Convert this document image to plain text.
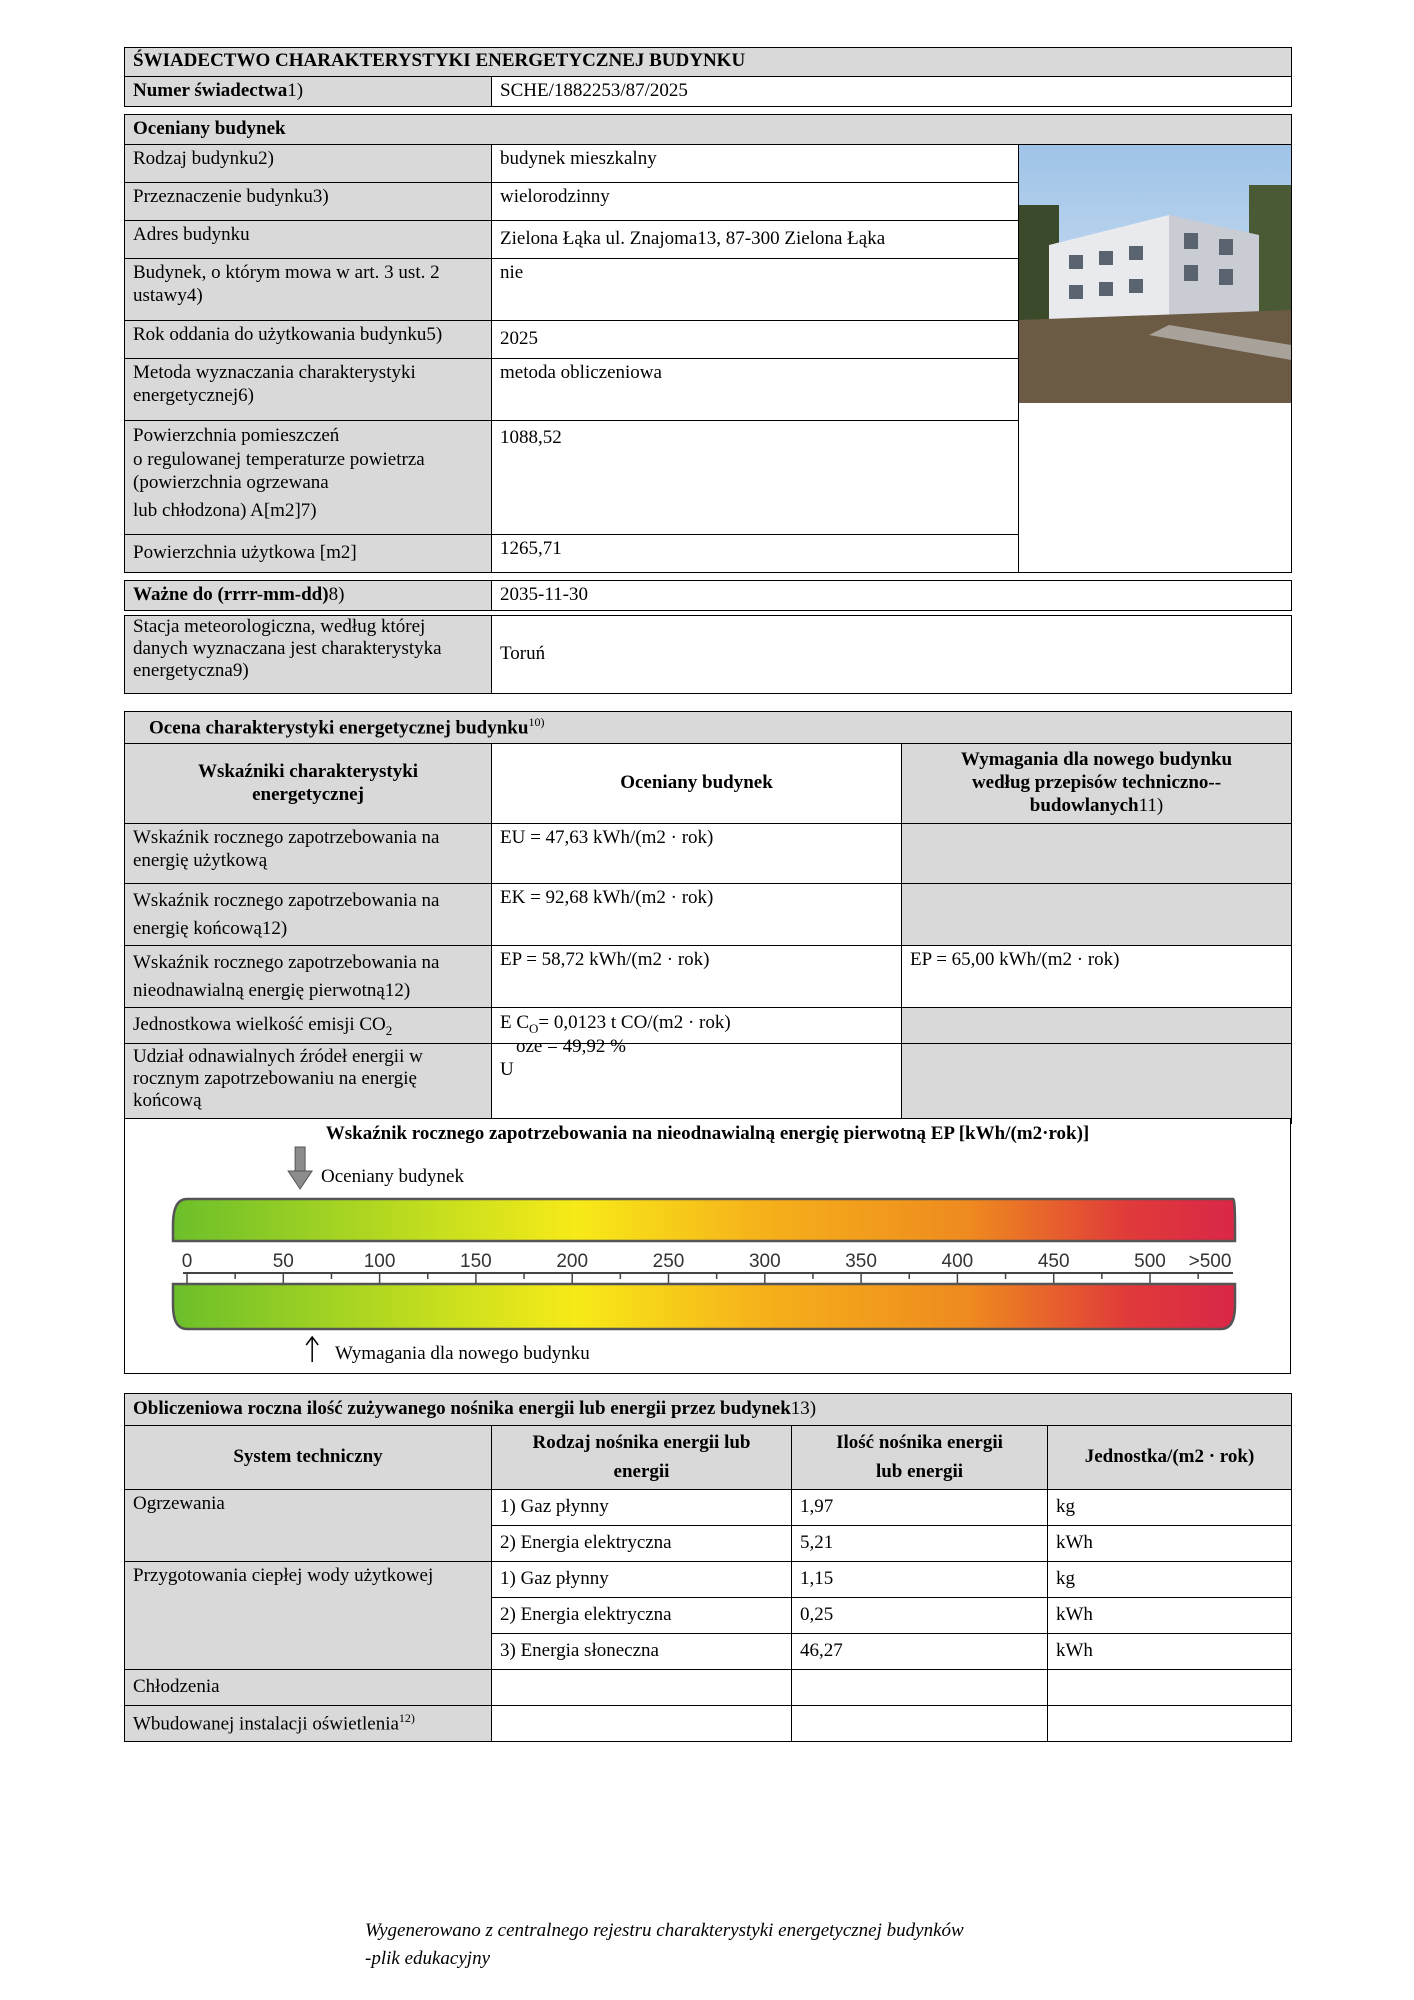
ŚWIADECTWO CHARAKTERYSTYKI ENERGETYCZNEJ BUDYNKU
Numer świadectwa1)	SCHE/1882253/87/2025
Oceniany budynek		
Rodzaj budynku2)	budynek mieszkalny	

Przeznaczenie budynku3)	wielorodzinny	
Adres budynku	Zielona Łąka ul. Znajoma13, 87-300 Zielona Łąka	
Budynek, o którym mowa w art. 3 ust. 2 ustawy4)	nie	
Rok oddania do użytkowania budynku5)	2025	
Metoda wyznaczania charakterystyki energetycznej6)	metoda obliczeniowa	

Powierzchnia pomieszczeń
o regulowanej temperaturze powietrza (powierzchnia ogrzewana
lub chłodzona) A[m2]7)	1088,52	
Powierzchnia użytkowa [m2]	1265,71	
Ważne do (rrrr-mm-dd)8)	2035-11-30
Stacja meteorologiczna, według której danych wyznaczana jest charakterystyka energetyczna9)	Toruń
Ocena charakterystyki energetycznej budynku$^{10)}$
Wskaźniki charakterystyki energetycznej	Oceniany budynek	Wymagania dla nowego budynku według przepisów techniczno--budowlanych11)
Wskaźnik rocznego zapotrzebowania na energię użytkową	EU = 47,63 kWh/(m2 · rok)	
Wskaźnik rocznego zapotrzebowania na energię końcową12)	EK = 92,68 kWh/(m2 · rok)	
Wskaźnik rocznego zapotrzebowania na nieodnawialną energię pierwotną12)	EP = 58,72 kWh/(m2 · rok)	EP = 65,00 kWh/(m2 · rok)
Jednostkowa wielkość emisji $CO_2$	E $C_O= 0,0123$ t CO/(m2 · rok)	
Udział odnawialnych źródeł energii w rocznym zapotrzebowaniu na energię końcową	oze = 49,92 %
U	

Wskaźnik rocznego zapotrzebowania na nieodnawialną energię pierwotną EP [kWh/(m2·rok)]
0	50	100	150	200	250	300	350	400	450	500 >500
Oceniany budynek
Wymagania dla nowego budynku
Obliczeniowa roczna ilość zużywanego nośnika energii lub energii przez budynek13)			
System techniczny	Rodzaj nośnika energii lub energii	Ilość nośnika energii lub energii	Jednostka/(m2 · rok)
Ogrzewania	1) Gaz płynny	1,97	kg
	2) Energia elektryczna	5,21	kWh
Przygotowania ciepłej wody użytkowej	1) Gaz płynny	1,15	kg
	2) Energia elektryczna	0,25	kWh
	3) Energia słoneczna	46,27	kWh
Chłodzenia			
Wbudowanej instalacji oświetlenia$^{12)}$			
Wygenerowano z centralnego rejestru charakterystyki energetycznej budynków
-plik edukacyjny
